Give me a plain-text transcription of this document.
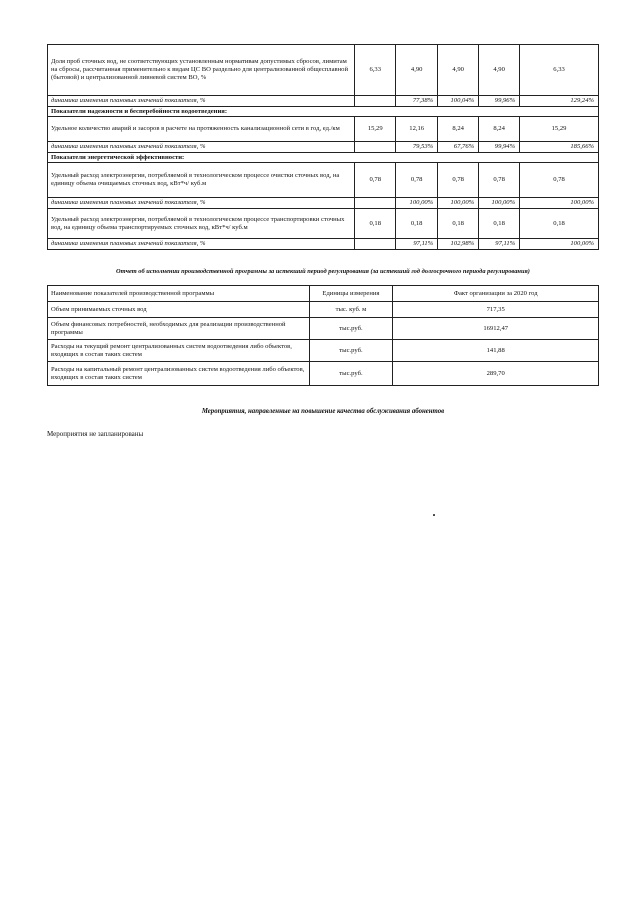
Доля проб сточных вод, не соответствующих установленным нормативам допустимых сбросов, лимитам на сбросы, рассчитанная применительно к видам ЦС ВО раздельно для централизованной общесплавной (бытовой) и централизованной ливневой систем ВО, %	6,33	4,90	4,90	4,90	6,33
динамика изменения плановых значений показателя, %		77,38%	100,04%	99,96%	129,24%
Показатели надежности и бесперебойности водоотведения:					
Удельное количество аварий и засоров в расчете на протяженность канализационной сети в год, ед./км	15,29	12,16	8,24	8,24	15,29
динамика изменения плановых значений показателя, %		79,53%	67,76%	99,94%	185,66%
Показатели энергетической эффективности:					
Удельный расход электроэнергии, потребляемой в технологическом процессе очистки сточных вод, на единицу объема очищаемых сточных вод, кВт*ч/ куб.м	0,78	0,78	0,78	0,78	0,78
динамика изменения плановых значений показателя, %		100,00%	100,00%	100,00%	100,00%
Удельный расход электроэнергии, потребляемой в технологическом процессе транспортировки сточных вод, на единицу объема транспортируемых сточных вод, кВт*ч/ куб.м	0,18	0,18	0,18	0,18	0,18
динамика изменения плановых значений показателя, %		97,11%	102,98%	97,11%	100,00%
Отчет об исполнении производственной программы за истекший период регулирования (за истекший год долгосрочного периода регулирования)
Наименование показателей производственной программы	Единицы измерения	Факт организации за 2020 год
Объем принимаемых сточных вод	тыс. куб. м	717,35
Объем финансовых потребностей, необходимых для реализации производственной программы	тыс.руб.	16912,47
Расходы на текущий ремонт централизованных систем водоотведения либо объектов, входящих в состав таких систем	тыс.руб.	141,88
Расходы на капитальный ремонт централизованных систем водоотведения либо объектов, входящих в состав таких систем	тыс.руб.	289,70
Мероприятия, направленные на повышение качества обслуживания абонентов
Мероприятия не запланированы
